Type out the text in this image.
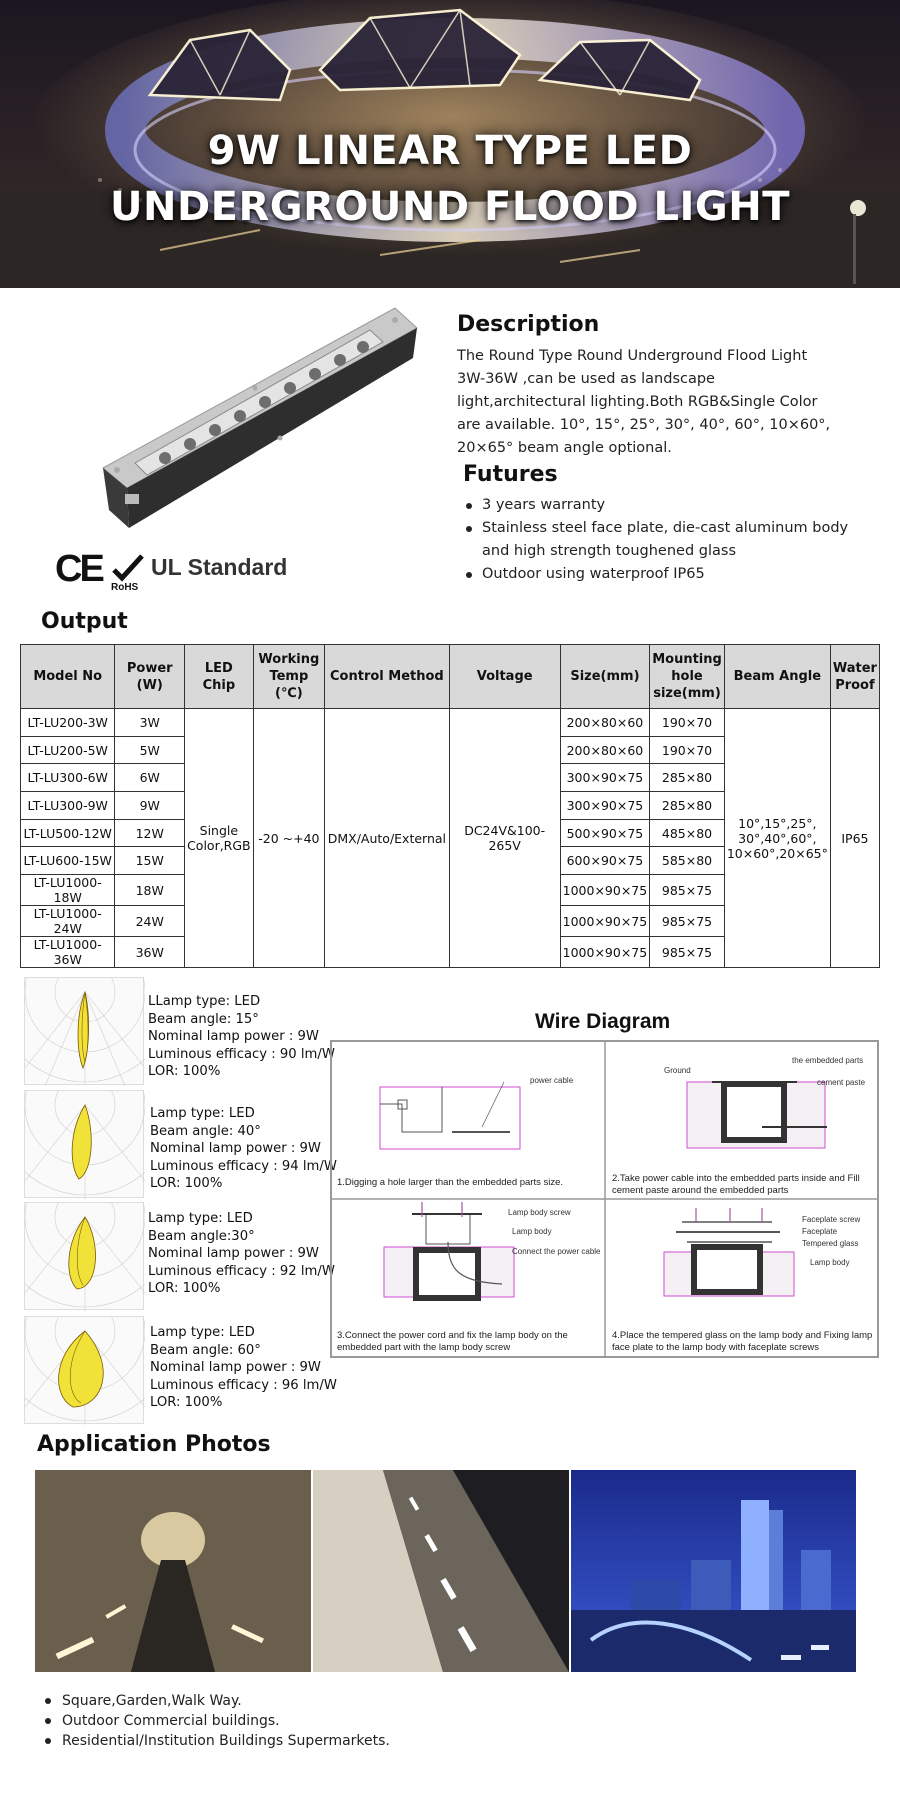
9W LINEAR TYPE LED
UNDERGROUND FLOOD LIGHT
CE RoHS
UL Standard
Description
The Round Type Round Underground Flood Light 3W-36W ,can be used as landscape light,architectural lighting.Both RGB&Single Color are available. 10°, 15°, 25°, 30°, 40°, 60°, 10×60°, 20×65° beam angle optional.
Futures
3 years warranty
Stainless steel face plate, die-cast aluminum body and high strength toughened glass
Outdoor using waterproof IP65
Output
Model No	Power (W)	LED Chip	Working Temp (℃)	Control Method	Voltage	Size(mm)	Mounting hole size(mm)	Beam Angle	Water Proof
LT-LU200-3W	3W	Single Color,RGB	-20 ~+40	DMX/Auto/External	DC24V&100-265V	200×80×60	190×70	10°,15°,25°, 30°,40°,60°, 10×60°,20×65°	IP65
LT-LU200-5W	5W					200×80×60	190×70		
LT-LU300-6W	6W					300×90×75	285×80		
LT-LU300-9W	9W					300×90×75	285×80		
LT-LU500-12W	12W					500×90×75	485×80		
LT-LU600-15W	15W					600×90×75	585×80		
LT-LU1000-18W	18W					1000×90×75	985×75		
LT-LU1000-24W	24W					1000×90×75	985×75		
LT-LU1000-36W	36W					1000×90×75	985×75		
LLamp type: LED
Beam angle: 15°
Nominal lamp power : 9W
Luminous efficacy : 90 lm/W
LOR: 100%
Lamp type: LED
Beam angle: 40°
Nominal lamp power : 9W
Luminous efficacy : 94 lm/W
LOR: 100%
Lamp type: LED
Beam angle:30°
Nominal lamp power : 9W
Luminous efficacy : 92 lm/W
LOR: 100%
Lamp type: LED
Beam angle: 60°
Nominal lamp power : 9W
Luminous efficacy : 96 lm/W
LOR: 100%
Wire Diagram
power cable
Ground
the embedded parts
cement paste
Lamp body screw
Lamp body
Connect the power cable
Faceplate screw
Faceplate
Tempered glass
Lamp body
1.Digging a hole larger than the embedded parts size.	2.Take power cable into the embedded parts inside and Fill cement paste around the embedded parts
3.Connect the power cord and fix the lamp body on the embedded part with the lamp body screw
4.Place the tempered glass on the lamp body and Fixing lamp face plate to the lamp body with faceplate screws
Application Photos
Square,Garden,Walk Way.
Outdoor Commercial buildings.
Residential/Institution Buildings Supermarkets.
